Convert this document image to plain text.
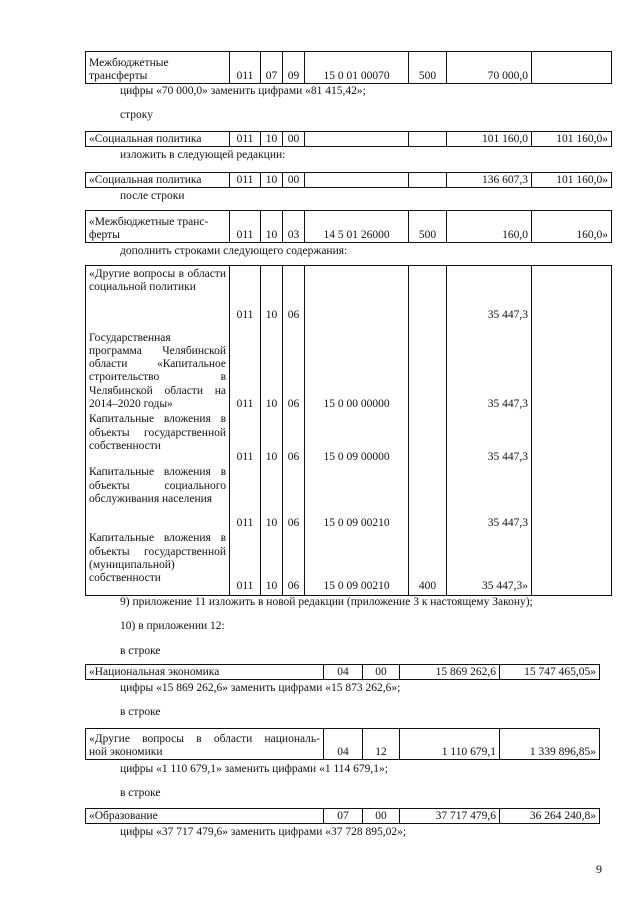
Межбюджетные
трансферты	011	07	09	15 0 01 00070	500	70 000,0	
цифры «70 000,0» заменить цифрами «81 415,42»;
строку
«Социальная политика	011	10	00			101 160,0	101 160,0»
изложить в следующей редакции:
«Социальная политика	011	10	00			136 607,3	101 160,0»
после строки
«Межбюджетные транс-
ферты	011	10	03	14 5 01 26000	500	160,0	160,0»
дополнить строками следующего содержания:
«Другие вопросы в области социальной политики	011	10	06			35 447,3	

Государственная программа Челябинской области «Капитальное строительство в Челябинской области на 2014–2020 годы»	011	10	06	15 0 00 00000		35 447,3	

Капитальные вложения в объекты государственной собственности	011	10	06	15 0 09 00000		35 447,3	

Капитальные вложения в объекты социального обслуживания населения	011	10	06	15 0 09 00210		35 447,3	

Капитальные вложения в объекты государственной (муниципальной) собственности	011	10	06	15 0 09 00210	400	35 447,3»	
9) приложение 11 изложить в новой редакции (приложение 3 к настоящему Закону);
10) в приложении 12:
в строке
«Национальная экономика	04	00	15 869 262,6	15 747 465,05»
цифры «15 869 262,6» заменить цифрами «15 873 262,6»;
в строке
«Другие вопросы в области националь-
ной экономики	04	12	1 110 679,1	1 339 896,85»
цифры «1 110 679,1» заменить цифрами «1 114 679,1»;
в строке
«Образование	07	00	37 717 479,6	36 264 240,8»
цифры «37 717 479,6» заменить цифрами «37 728 895,02»;
9
